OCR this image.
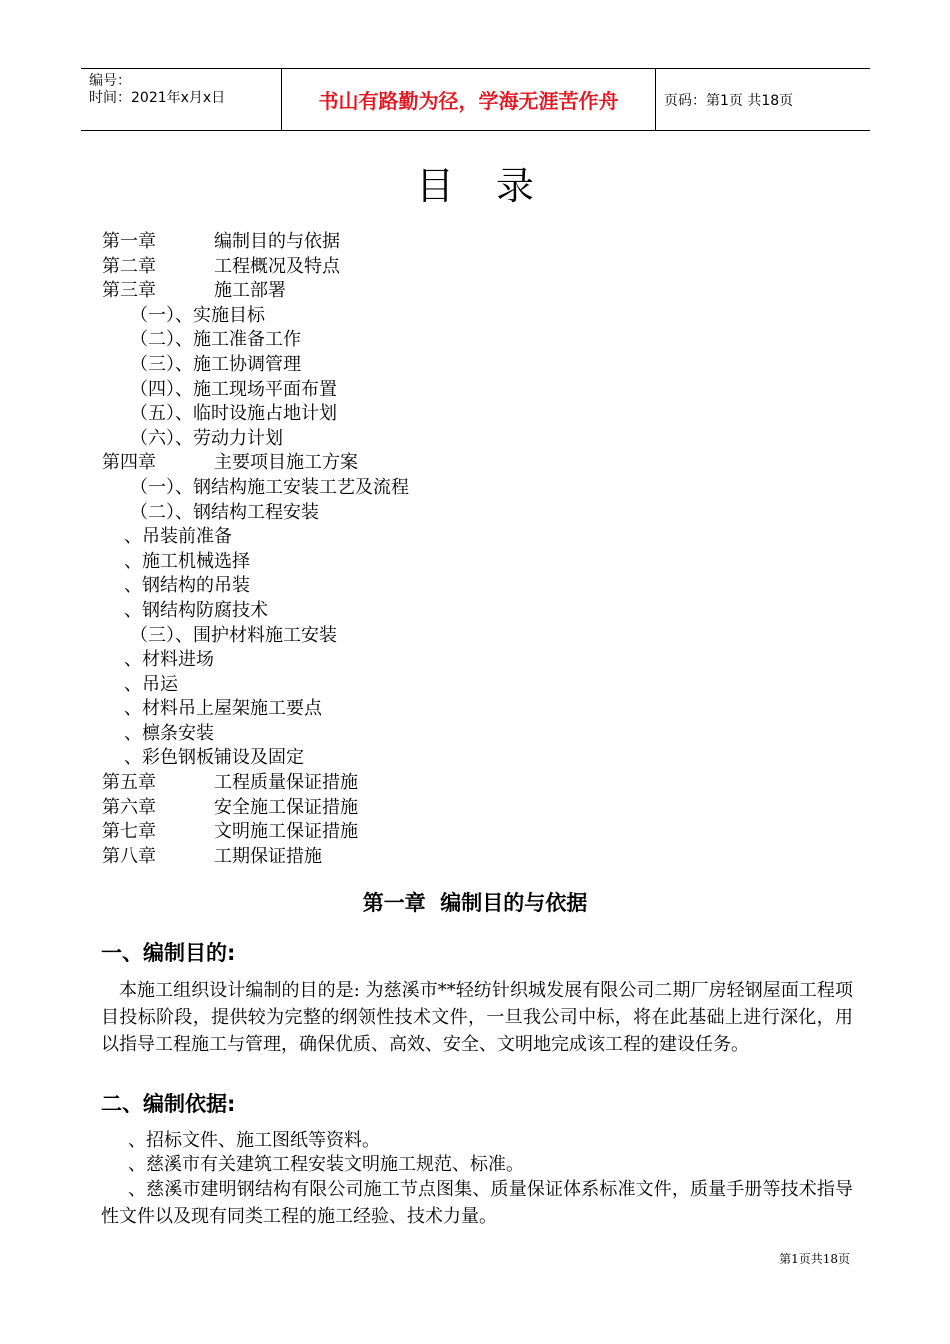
编号：
时间：2021年x月x日	书山有路勤为径，学海无涯苦作舟	页码：第1页 共18页
目录
第一章	编制目的与依据
第二章	工程概况及特点
第三章	施工部署
（一）、实施目标
（二）、施工准备工作
（三）、施工协调管理
（四）、施工现场平面布置
（五）、临时设施占地计划
（六）、劳动力计划
第四章	主要项目施工方案
（一）、钢结构施工安装工艺及流程
（二）、钢结构工程安装
、吊装前准备
、施工机械选择
、钢结构的吊装
、钢结构防腐技术
（三）、围护材料施工安装
、材料进场
、吊运
、材料吊上屋架施工要点
、檩条安装
、彩色钢板铺设及固定
第五章	工程质量保证措施
第六章	安全施工保证措施
第七章	文明施工保证措施
第八章	工期保证措施
第一章  编制目的与依据
一、编制目的:
本施工组织设计编制的目的是: 为慈溪市**轻纺针织城发展有限公司二期厂房轻钢屋面工程项目投标阶段，提供较为完整的纲领性技术文件，一旦我公司中标，将在此基础上进行深化，用以指导工程施工与管理，确保优质、高效、安全、文明地完成该工程的建设任务。
二、编制依据:
、招标文件、施工图纸等资料。
、慈溪市有关建筑工程安装文明施工规范、标准。
、慈溪市建明钢结构有限公司施工节点图集、质量保证体系标准文件，质量手册等技术指导性文件以及现有同类工程的施工经验、技术力量。
第1页共18页
